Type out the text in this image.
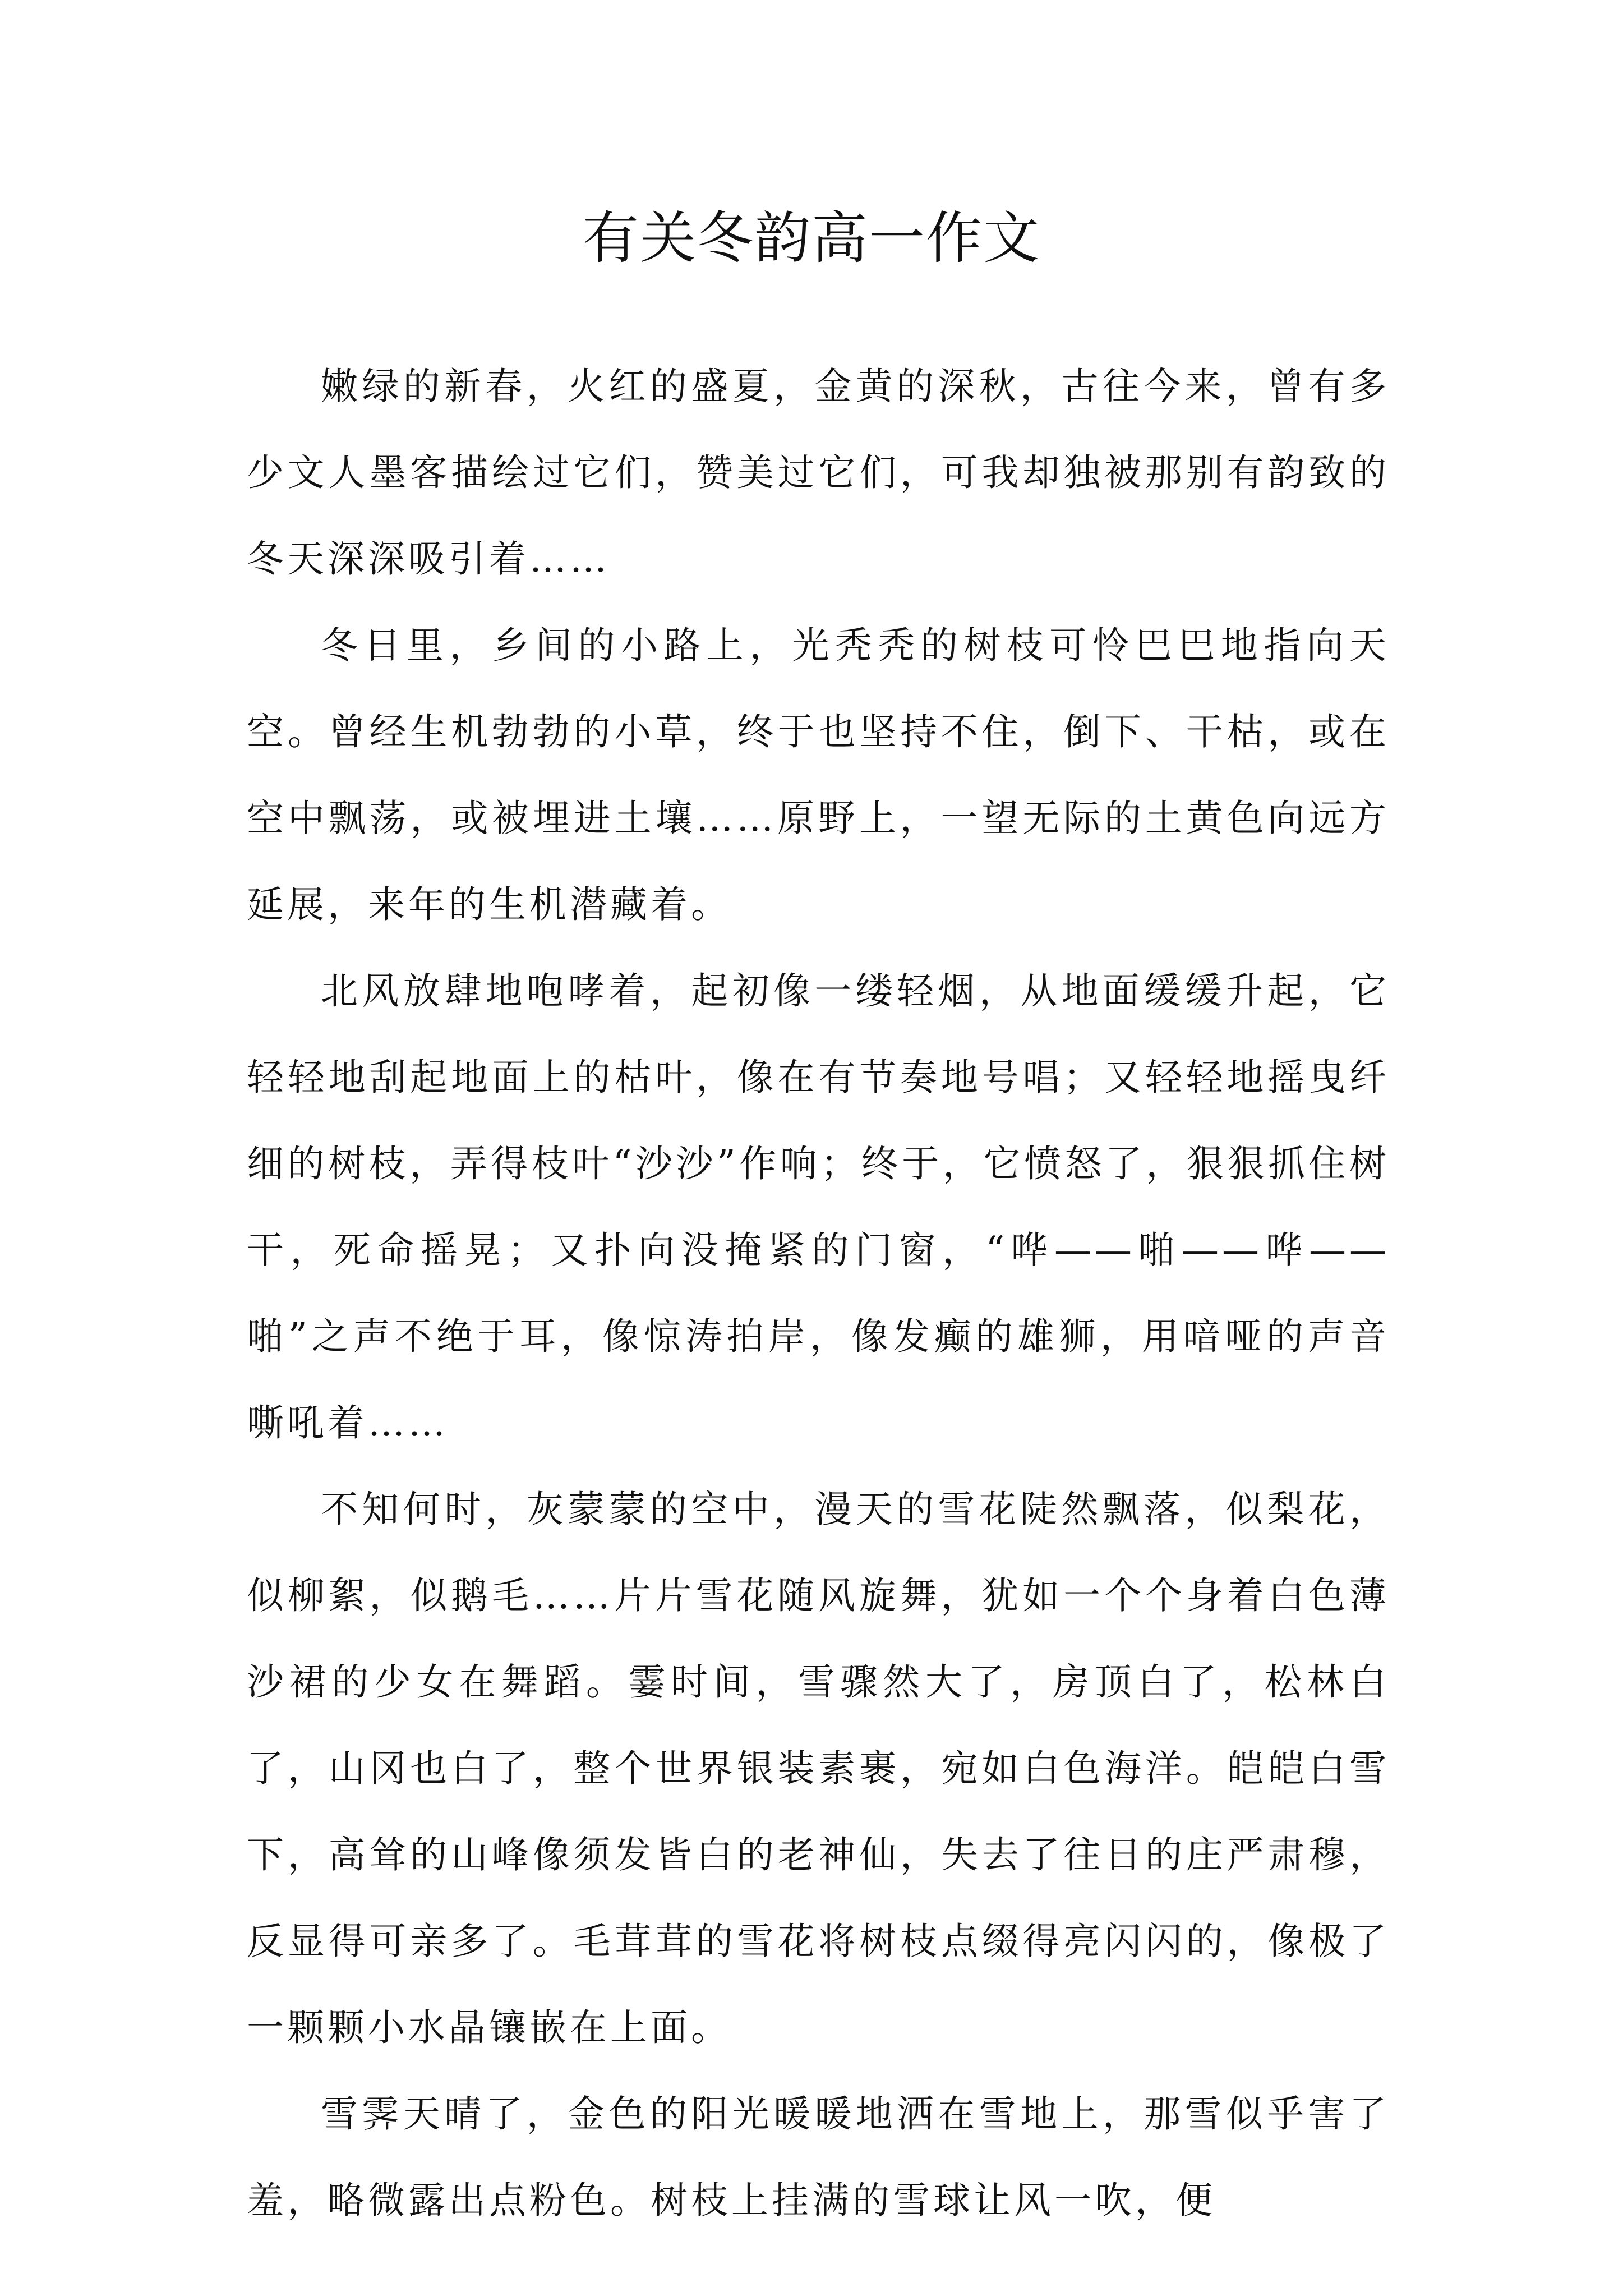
有关冬韵高一作文

嫩绿的新春，火红的盛夏，金黄的深秋，古往今来，曾有多少文人墨客描绘过它们，赞美过它们，可我却独被那别有韵致的冬天深深吸引着……

冬日里，乡间的小路上，光秃秃的树枝可怜巴巴地指向天空。曾经生机勃勃的小草，终于也坚持不住，倒下、干枯，或在空中飘荡，或被埋进土壤……原野上，一望无际的土黄色向远方延展，来年的生机潜藏着。

北风放肆地咆哮着，起初像一缕轻烟，从地面缓缓升起，它轻轻地刮起地面上的枯叶，像在有节奏地号唱；又轻轻地摇曳纤细的树枝，弄得枝叶“沙沙”作响；终于，它愤怒了，狠狠抓住树干，死命摇晃；又扑向没掩紧的门窗，“哗——啪——哗——啪”之声不绝于耳，像惊涛拍岸，像发癫的雄狮，用喑哑的声音嘶吼着……

不知何时，灰蒙蒙的空中，漫天的雪花陡然飘落，似梨花，似柳絮，似鹅毛……片片雪花随风旋舞，犹如一个个身着白色薄沙裙的少女在舞蹈。霎时间，雪骤然大了，房顶白了，松林白了，山冈也白了，整个世界银装素裹，宛如白色海洋。皑皑白雪下，高耸的山峰像须发皆白的老神仙，失去了往日的庄严肃穆，反显得可亲多了。毛茸茸的雪花将树枝点缀得亮闪闪的，像极了一颗颗小水晶镶嵌在上面。

雪霁天晴了，金色的阳光暖暖地洒在雪地上，那雪似乎害了羞，略微露出点粉色。树枝上挂满的雪球让风一吹，便
